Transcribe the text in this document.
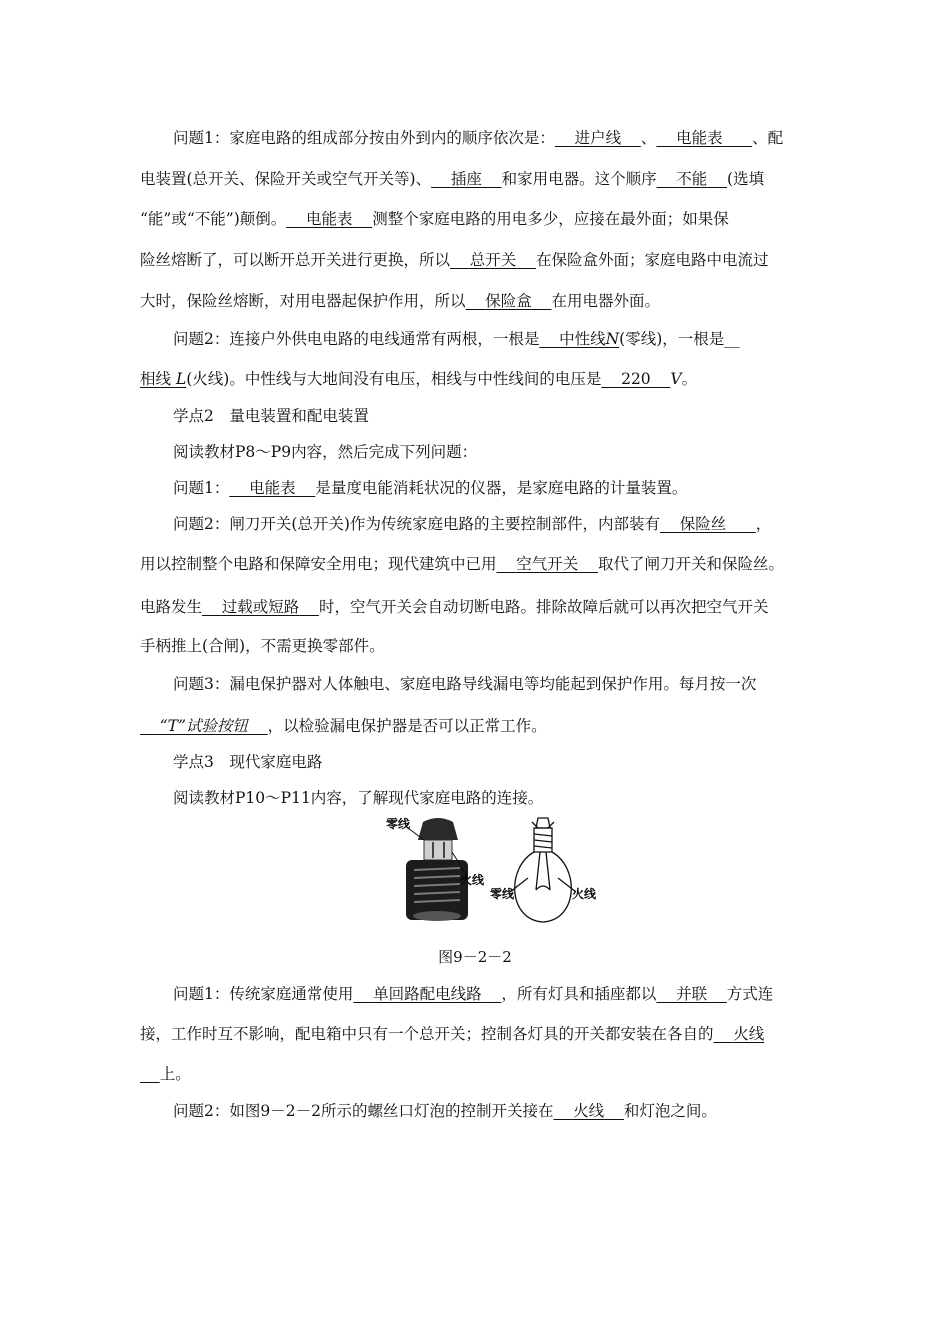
问题1：家庭电路的组成部分按由外到内的顺序依次是： 进户线 、 电能表 、配
电装置(总开关、保险开关或空气开关等)、 插座 和家用电器。这个顺序 不能 (选填
“能”或“不能”)颠倒。 电能表 测整个家庭电路的用电多少，应接在最外面；如果保
险丝熔断了，可以断开总开关进行更换，所以 总开关 在保险盒外面；家庭电路中电流过
大时，保险丝熔断，对用电器起保护作用，所以 保险盒 在用电器外面。
问题2：连接户外供电电路的电线通常有两根，一根是 中性线N(零线)，一根是__
相线 L(火线)。中性线与大地间没有电压，相线与中性线间的电压是 220 V。
学点2　量电装置和配电装置
阅读教材P8～P9内容，然后完成下列问题：
问题1： 电能表 是量度电能消耗状况的仪器，是家庭电路的计量装置。
问题2：闸刀开关(总开关)作为传统家庭电路的主要控制部件，内部装有 保险丝 ，
用以控制整个电路和保障安全用电；现代建筑中已用 空气开关 取代了闸刀开关和保险丝。
电路发生 过载或短路 时，空气开关会自动切断电路。排除故障后就可以再次把空气开关
手柄推上(合闸)，不需更换零部件。
问题3：漏电保护器对人体触电、家庭电路导线漏电等均能起到保护作用。每月按一次
“T”试验按钮 ，以检验漏电保护器是否可以正常工作。
学点3　现代家庭电路
阅读教材P10～P11内容，了解现代家庭电路的连接。
零线
火线
零线	火线
图9－2－2
问题1：传统家庭通常使用 单回路配电线路 ，所有灯具和插座都以 并联 方式连
接，工作时互不影响，配电箱中只有一个总开关；控制各灯具的开关都安装在各自的 火线
上。
问题2：如图9－2－2所示的螺丝口灯泡的控制开关接在 火线 和灯泡之间。
